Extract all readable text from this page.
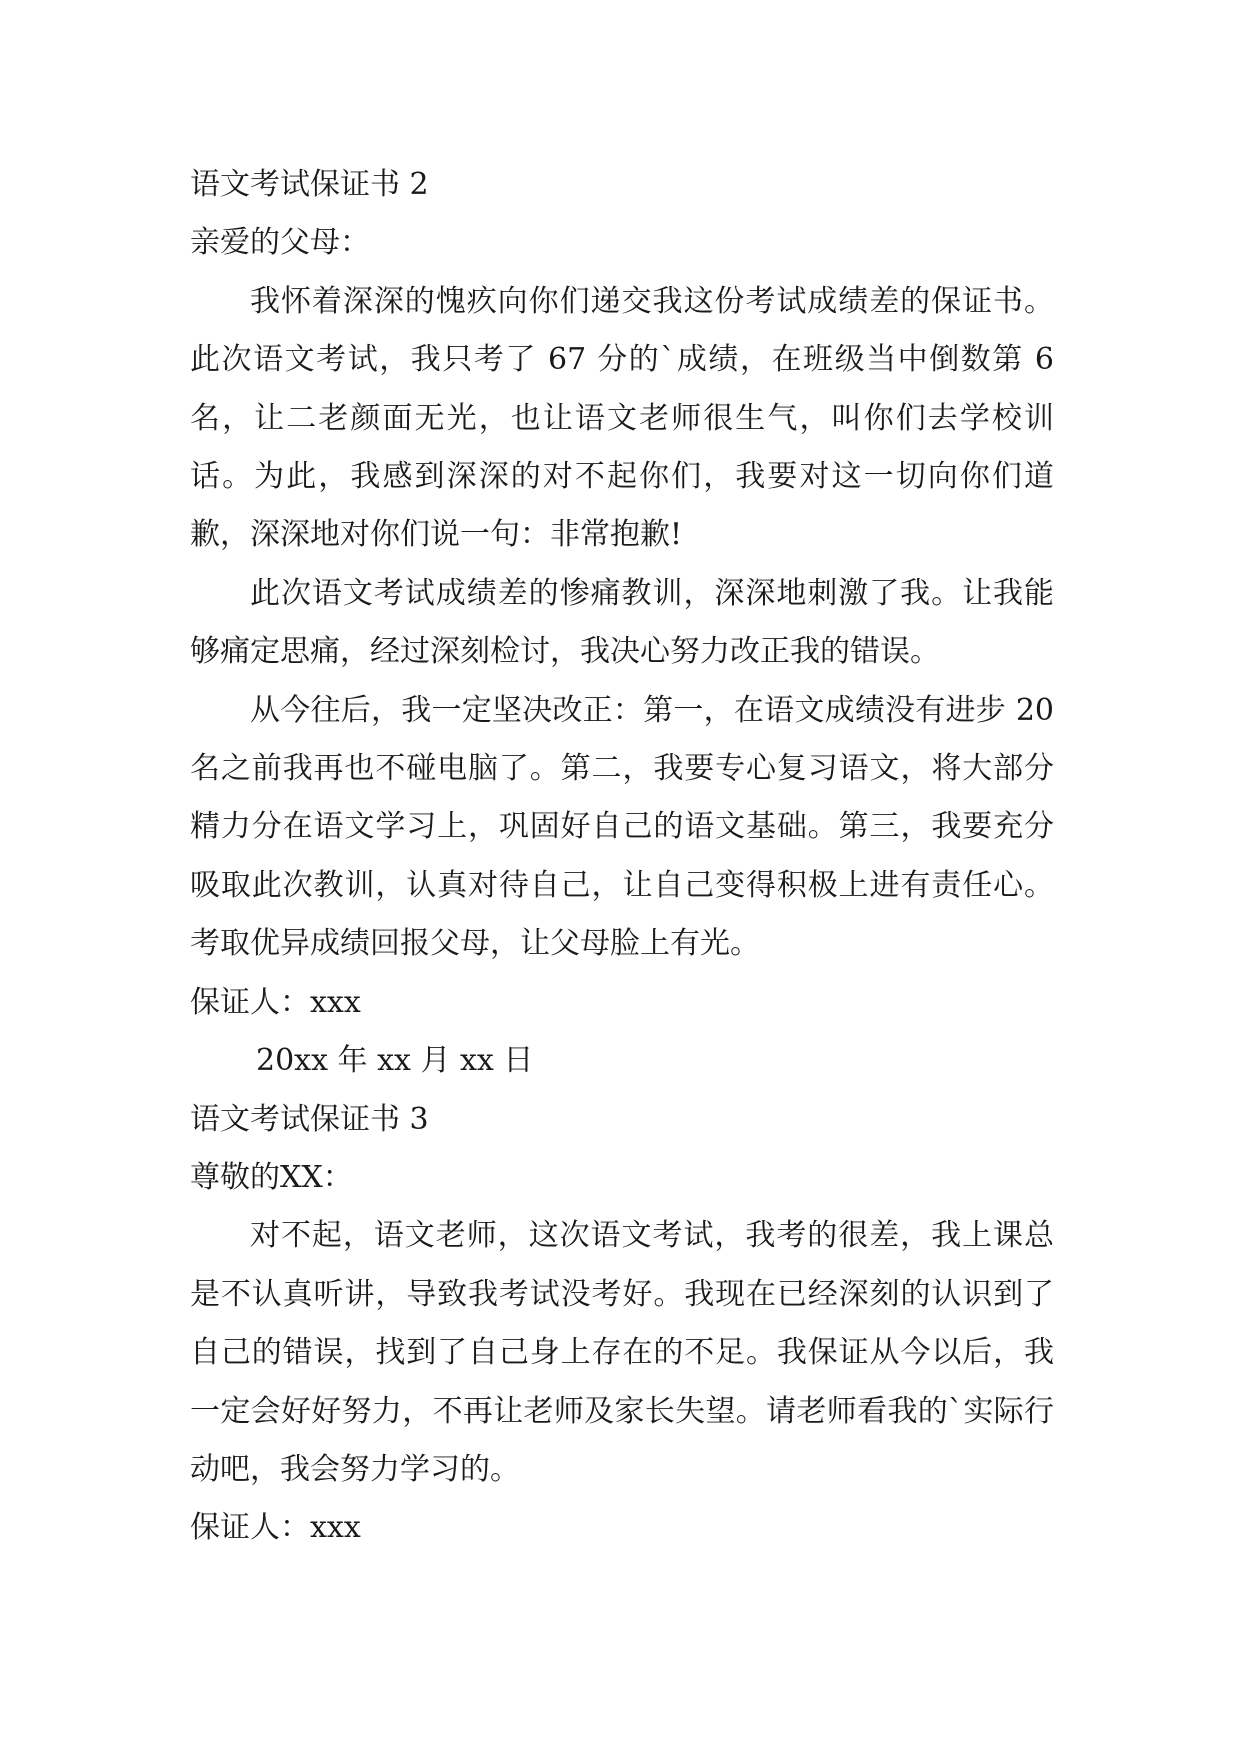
语文考试保证书 2
亲爱的父母：

我怀着深深的愧疚向你们递交我这份考试成绩差的保证书。此次语文考试，我只考了 67 分的`成绩，在班级当中倒数第 6 名，让二老颜面无光，也让语文老师很生气，叫你们去学校训话。为此，我感到深深的对不起你们，我要对这一切向你们道歉，深深地对你们说一句：非常抱歉!

此次语文考试成绩差的惨痛教训，深深地刺激了我。让我能够痛定思痛，经过深刻检讨，我决心努力改正我的错误。

从今往后，我一定坚决改正：第一，在语文成绩没有进步 20 名之前我再也不碰电脑了。第二，我要专心复习语文，将大部分精力分在语文学习上，巩固好自己的语文基础。第三，我要充分吸取此次教训，认真对待自己，让自己变得积极上进有责任心。考取优异成绩回报父母，让父母脸上有光。

保证人：xxx
20xx 年 xx 月 xx 日
语文考试保证书 3
尊敬的XX：

对不起，语文老师，这次语文考试，我考的很差，我上课总是不认真听讲，导致我考试没考好。我现在已经深刻的认识到了自己的错误，找到了自己身上存在的不足。我保证从今以后，我一定会好好努力，不再让老师及家长失望。请老师看我的`实际行动吧，我会努力学习的。

保证人：xxx
